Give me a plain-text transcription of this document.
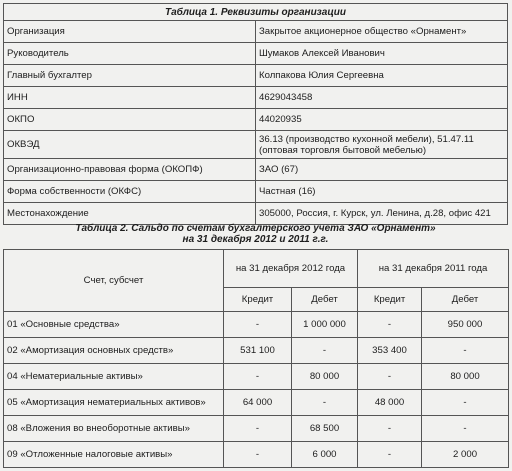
Таблица 1. Реквизиты организации	
Организация	Закрытое акционерное общество «Орнамент»
Руководитель	Шумаков Алексей Иванович
Главный бухгалтер	Колпакова Юлия Сергеевна
ИНН	4629043458
ОКПО	44020935
ОКВЭД	36.13 (производство кухонной мебели), 51.47.11 (оптовая торговля бытовой мебелью)
Организационно-правовая форма (ОКОПФ)	ЗАО (67)
Форма собственности (ОКФС)	Частная (16)
Местонахождение	305000, Россия, г. Курск, ул. Ленина, д.28, офис 421
Таблица 2. Сальдо по счетам бухгалтерского учета ЗАО «Орнамент»
на 31 декабря 2012 и 2011 г.г.
Счет, субсчет	на 31 декабря 2012 года		на 31 декабря 2011 года	
	Кредит	Дебет	Кредит	Дебет
01 «Основные средства»	-	1 000 000	-	950 000
02 «Амортизация основных средств»	531 100	-	353 400	-
04 «Нематериальные активы»	-	80 000	-	80 000
05 «Амортизация нематериальных активов»	64 000	-	48 000	-
08 «Вложения во внеоборотные активы»	-	68 500	-	-
09 «Отложенные налоговые активы»	-	6 000	-	2 000
